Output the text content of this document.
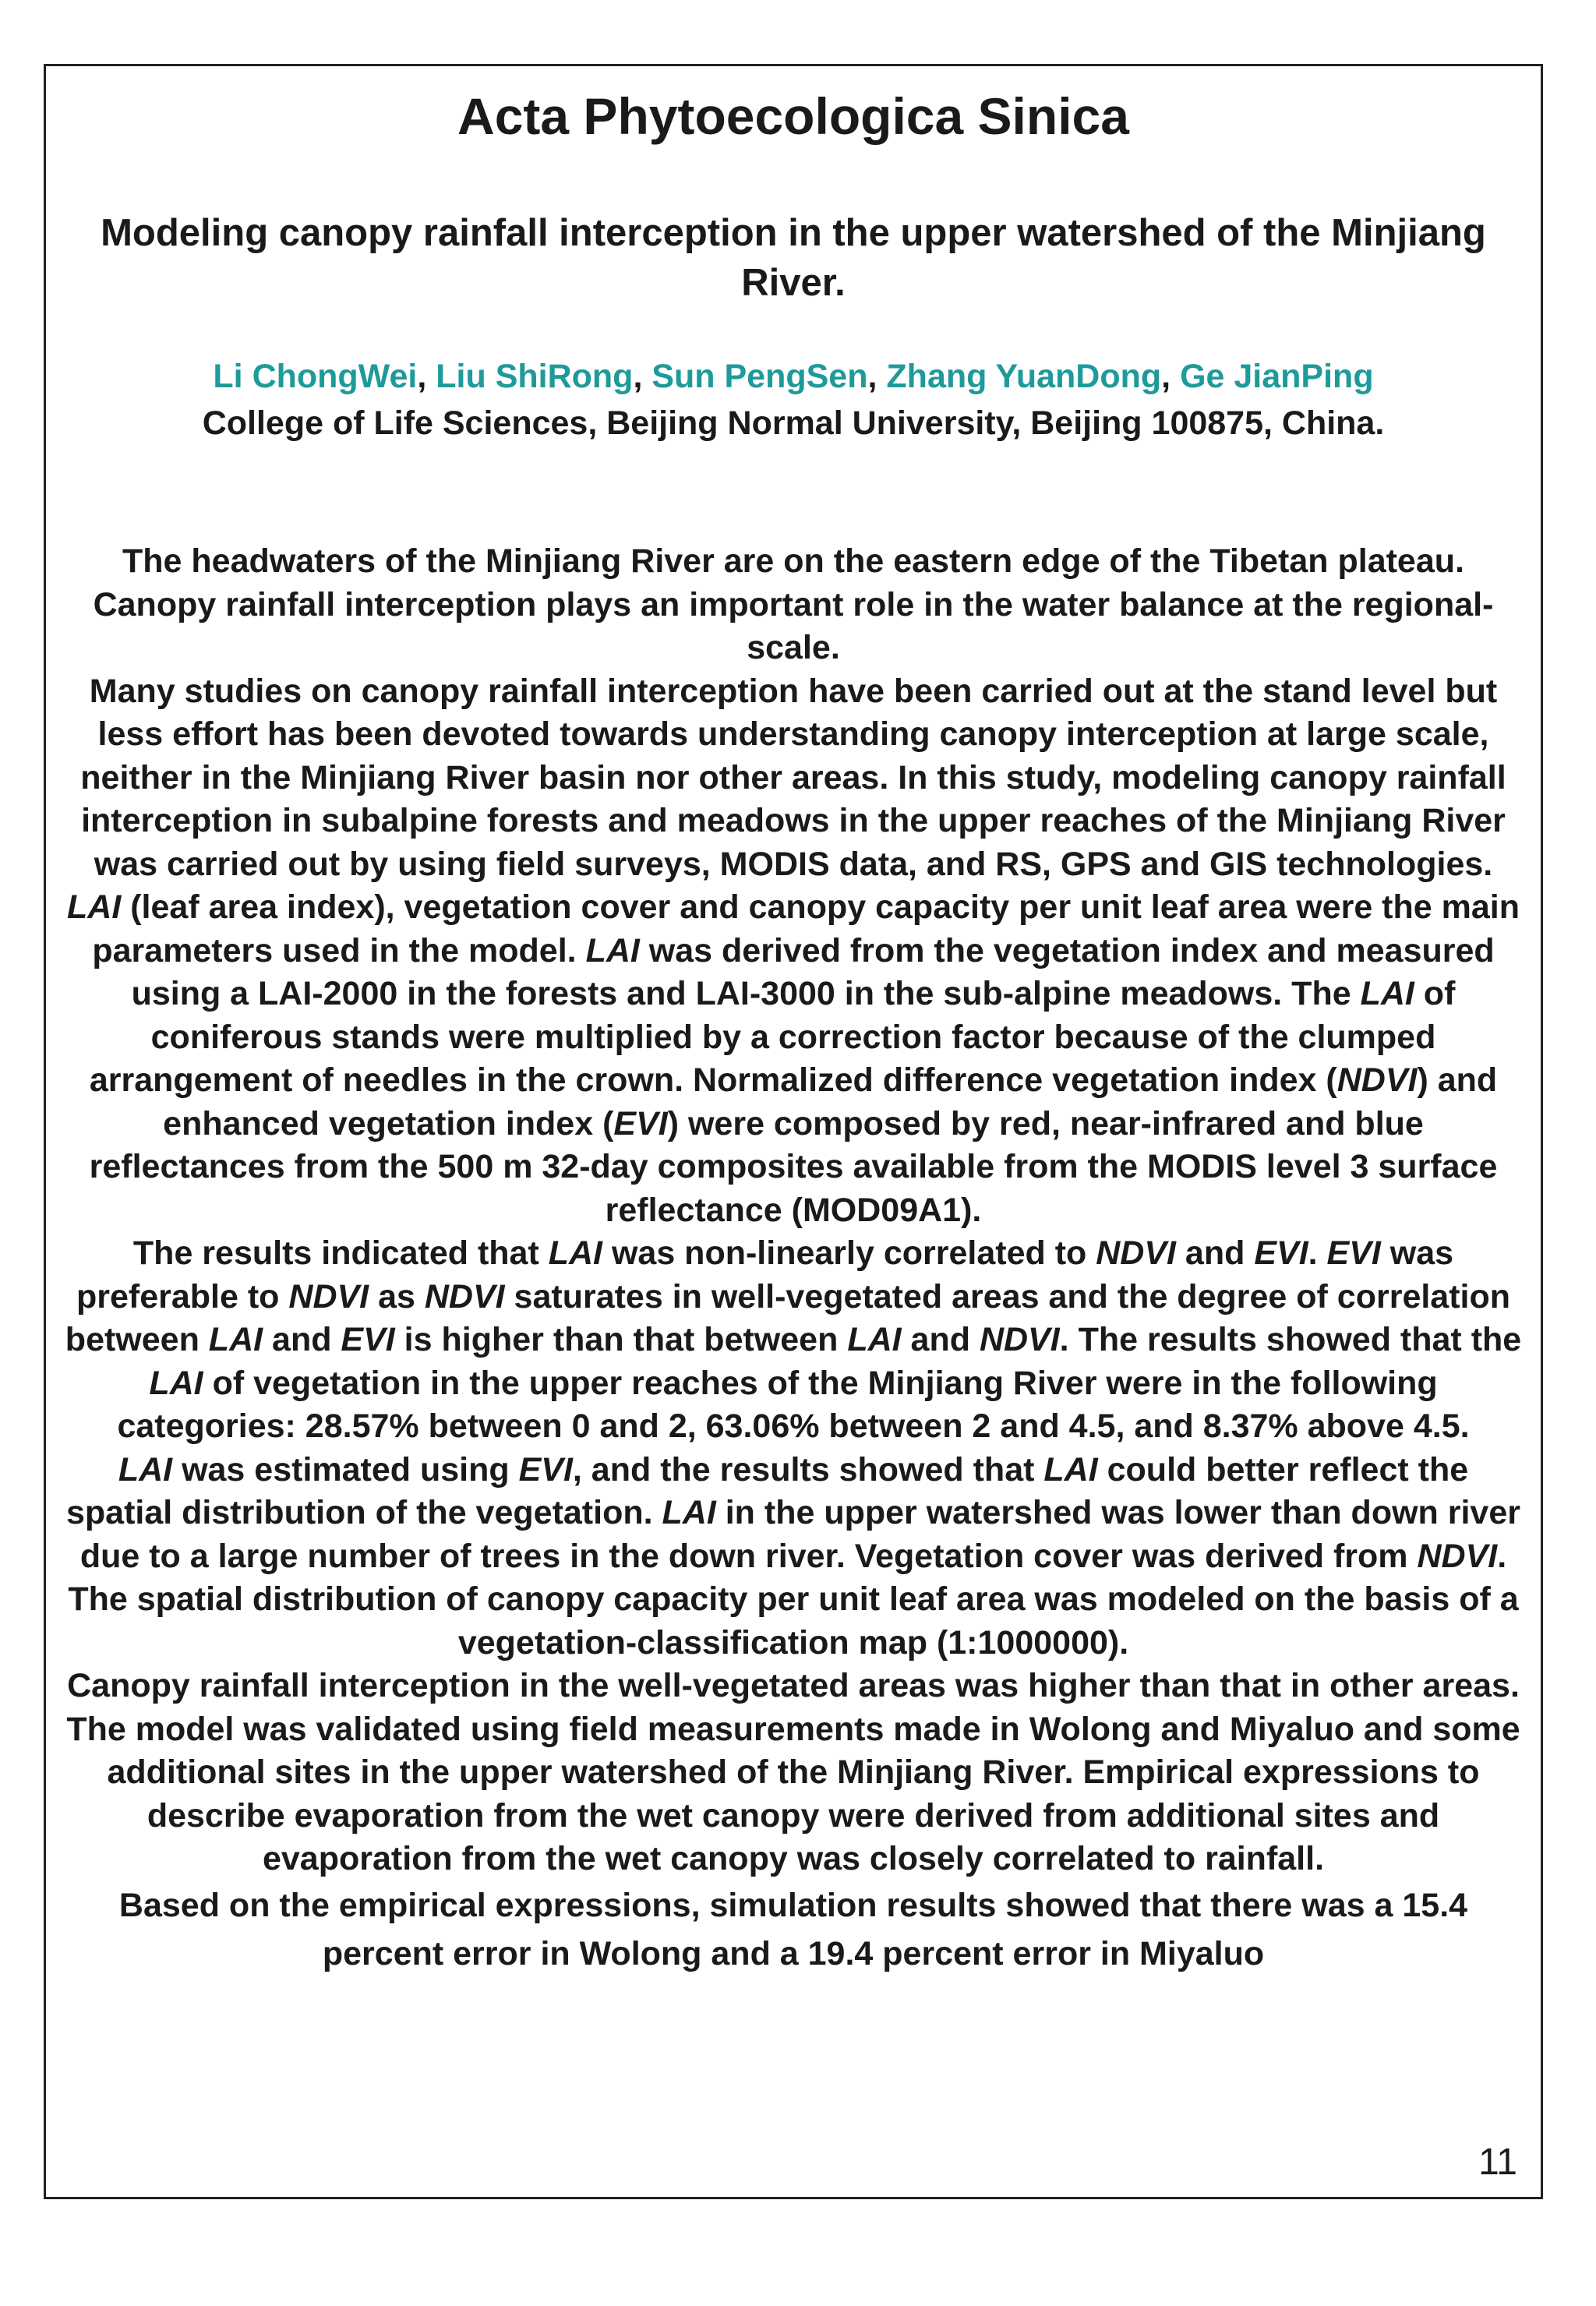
Acta Phytoecologica Sinica
Modeling canopy rainfall interception in the upper watershed of the Minjiang River.
Li ChongWei, Liu ShiRong, Sun PengSen, Zhang YuanDong, Ge JianPing
College of Life Sciences, Beijing Normal University, Beijing 100875, China.

The headwaters of the Minjiang River are on the eastern edge of the Tibetan plateau. Canopy rainfall interception plays an important role in the water balance at the regional-scale.

Many studies on canopy rainfall interception have been carried out at the stand level but less effort has been devoted towards understanding canopy interception at large scale, neither in the Minjiang River basin nor other areas. In this study, modeling canopy rainfall interception in subalpine forests and meadows in the upper reaches of the Minjiang River was carried out by using field surveys, MODIS data, and RS, GPS and GIS technologies.

LAI (leaf area index), vegetation cover and canopy capacity per unit leaf area were the main parameters used in the model. LAI was derived from the vegetation index and measured using a LAI-2000 in the forests and LAI-3000 in the sub-alpine meadows. The LAI of coniferous stands were multiplied by a correction factor because of the clumped arrangement of needles in the crown. Normalized difference vegetation index (NDVI) and enhanced vegetation index (EVI) were composed by red, near-infrared and blue reflectances from the 500 m 32-day composites available from the MODIS level 3 surface reflectance (MOD09A1).

The results indicated that LAI was non-linearly correlated to NDVI and EVI. EVI was preferable to NDVI as NDVI saturates in well-vegetated areas and the degree of correlation between LAI and EVI is higher than that between LAI and NDVI. The results showed that the LAI of vegetation in the upper reaches of the Minjiang River were in the following categories: 28.57% between 0 and 2, 63.06% between 2 and 4.5, and 8.37% above 4.5.

LAI was estimated using EVI, and the results showed that LAI could better reflect the spatial distribution of the vegetation. LAI in the upper watershed was lower than down river due to a large number of trees in the down river. Vegetation cover was derived from NDVI. The spatial distribution of canopy capacity per unit leaf area was modeled on the basis of a vegetation-classification map (1:1000000).

Canopy rainfall interception in the well-vegetated areas was higher than that in other areas.

The model was validated using field measurements made in Wolong and Miyaluo and some additional sites in the upper watershed of the Minjiang River. Empirical expressions to describe evaporation from the wet canopy were derived from additional sites and evaporation from the wet canopy was closely correlated to rainfall.

Based on the empirical expressions, simulation results showed that there was a 15.4 percent error in Wolong and a 19.4 percent error in Miyaluo

11
